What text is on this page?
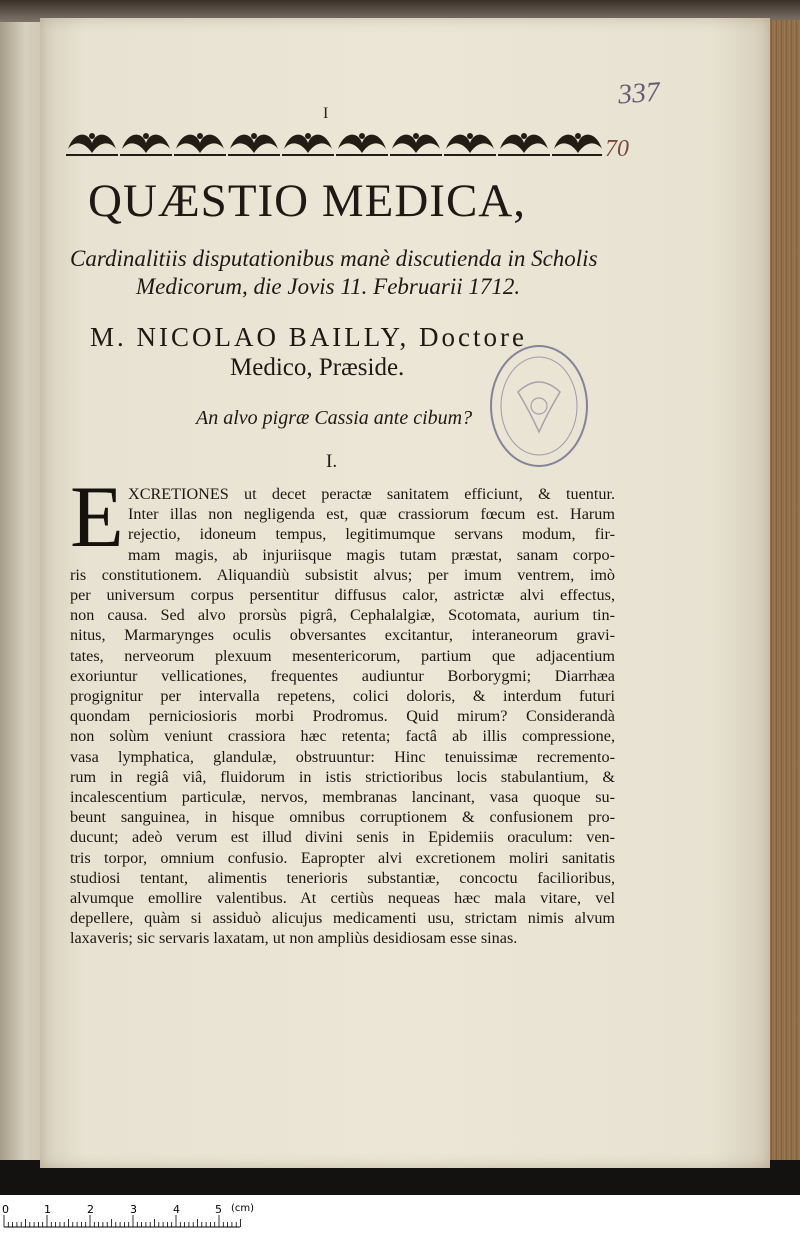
337
I
70
QUÆSTIO MEDICA,
Cardinalitiis disputationibus manè discutienda in Scholis
Medicorum, die Jovis 11. Februarii 1712.
M. NICOLAO BAILLY, Doctore
Medico, Præside.
An alvo pigræ Cassia ante cibum?
I.
E XCRETIONES ut decet peractæ sanitatem efficiunt, & tuentur.
Inter illas non negligenda est, quæ crassiorum fœcum est. Harum
rejectio, idoneum tempus, legitimumque servans modum, fir-
mam magis, ab injuriisque magis tutam præstat, sanam corpo-
ris constitutionem. Aliquandiù subsistit alvus; per imum ventrem, imò
per universum corpus persentitur diffusus calor, astrictæ alvi effectus,
non causa. Sed alvo prorsùs pigrâ, Cephalalgiæ, Scotomata, aurium tin-
nitus, Marmarynges oculis obversantes excitantur, interaneorum gravi-
tates, nerveorum plexuum mesentericorum, partium que adjacentium
exoriuntur vellicationes, frequentes audiuntur Borborygmi; Diarrhæa
progignitur per intervalla repetens, colici doloris, & interdum futuri
quondam perniciosioris morbi Prodromus. Quid mirum? Considerandà
non solùm veniunt crassiora hæc retenta; factâ ab illis compressione,
vasa lymphatica, glandulæ, obstruuntur: Hinc tenuissimæ recremento-
rum in regiâ viâ, fluidorum in istis strictioribus locis stabulantium, &
incalescentium particulæ, nervos, membranas lancinant, vasa quoque su-
beunt sanguinea, in hisque omnibus corruptionem & confusionem pro-
ducunt; adeò verum est illud divini senis in Epidemiis oraculum: ven-
tris torpor, omnium confusio. Eapropter alvi excretionem moliri sanitatis
studiosi tentant, alimentis tenerioris substantiæ, concoctu facilioribus,
alvumque emollire valentibus. At certiùs nequeas hæc mala vitare, vel
depellere, quàm si assiduò alicujus medicamenti usu, strictam nimis alvum
laxaveris; sic servaris laxatam, ut non ampliùs desidiosam esse sinas.
0	1	2	3	4	5 (cm)
